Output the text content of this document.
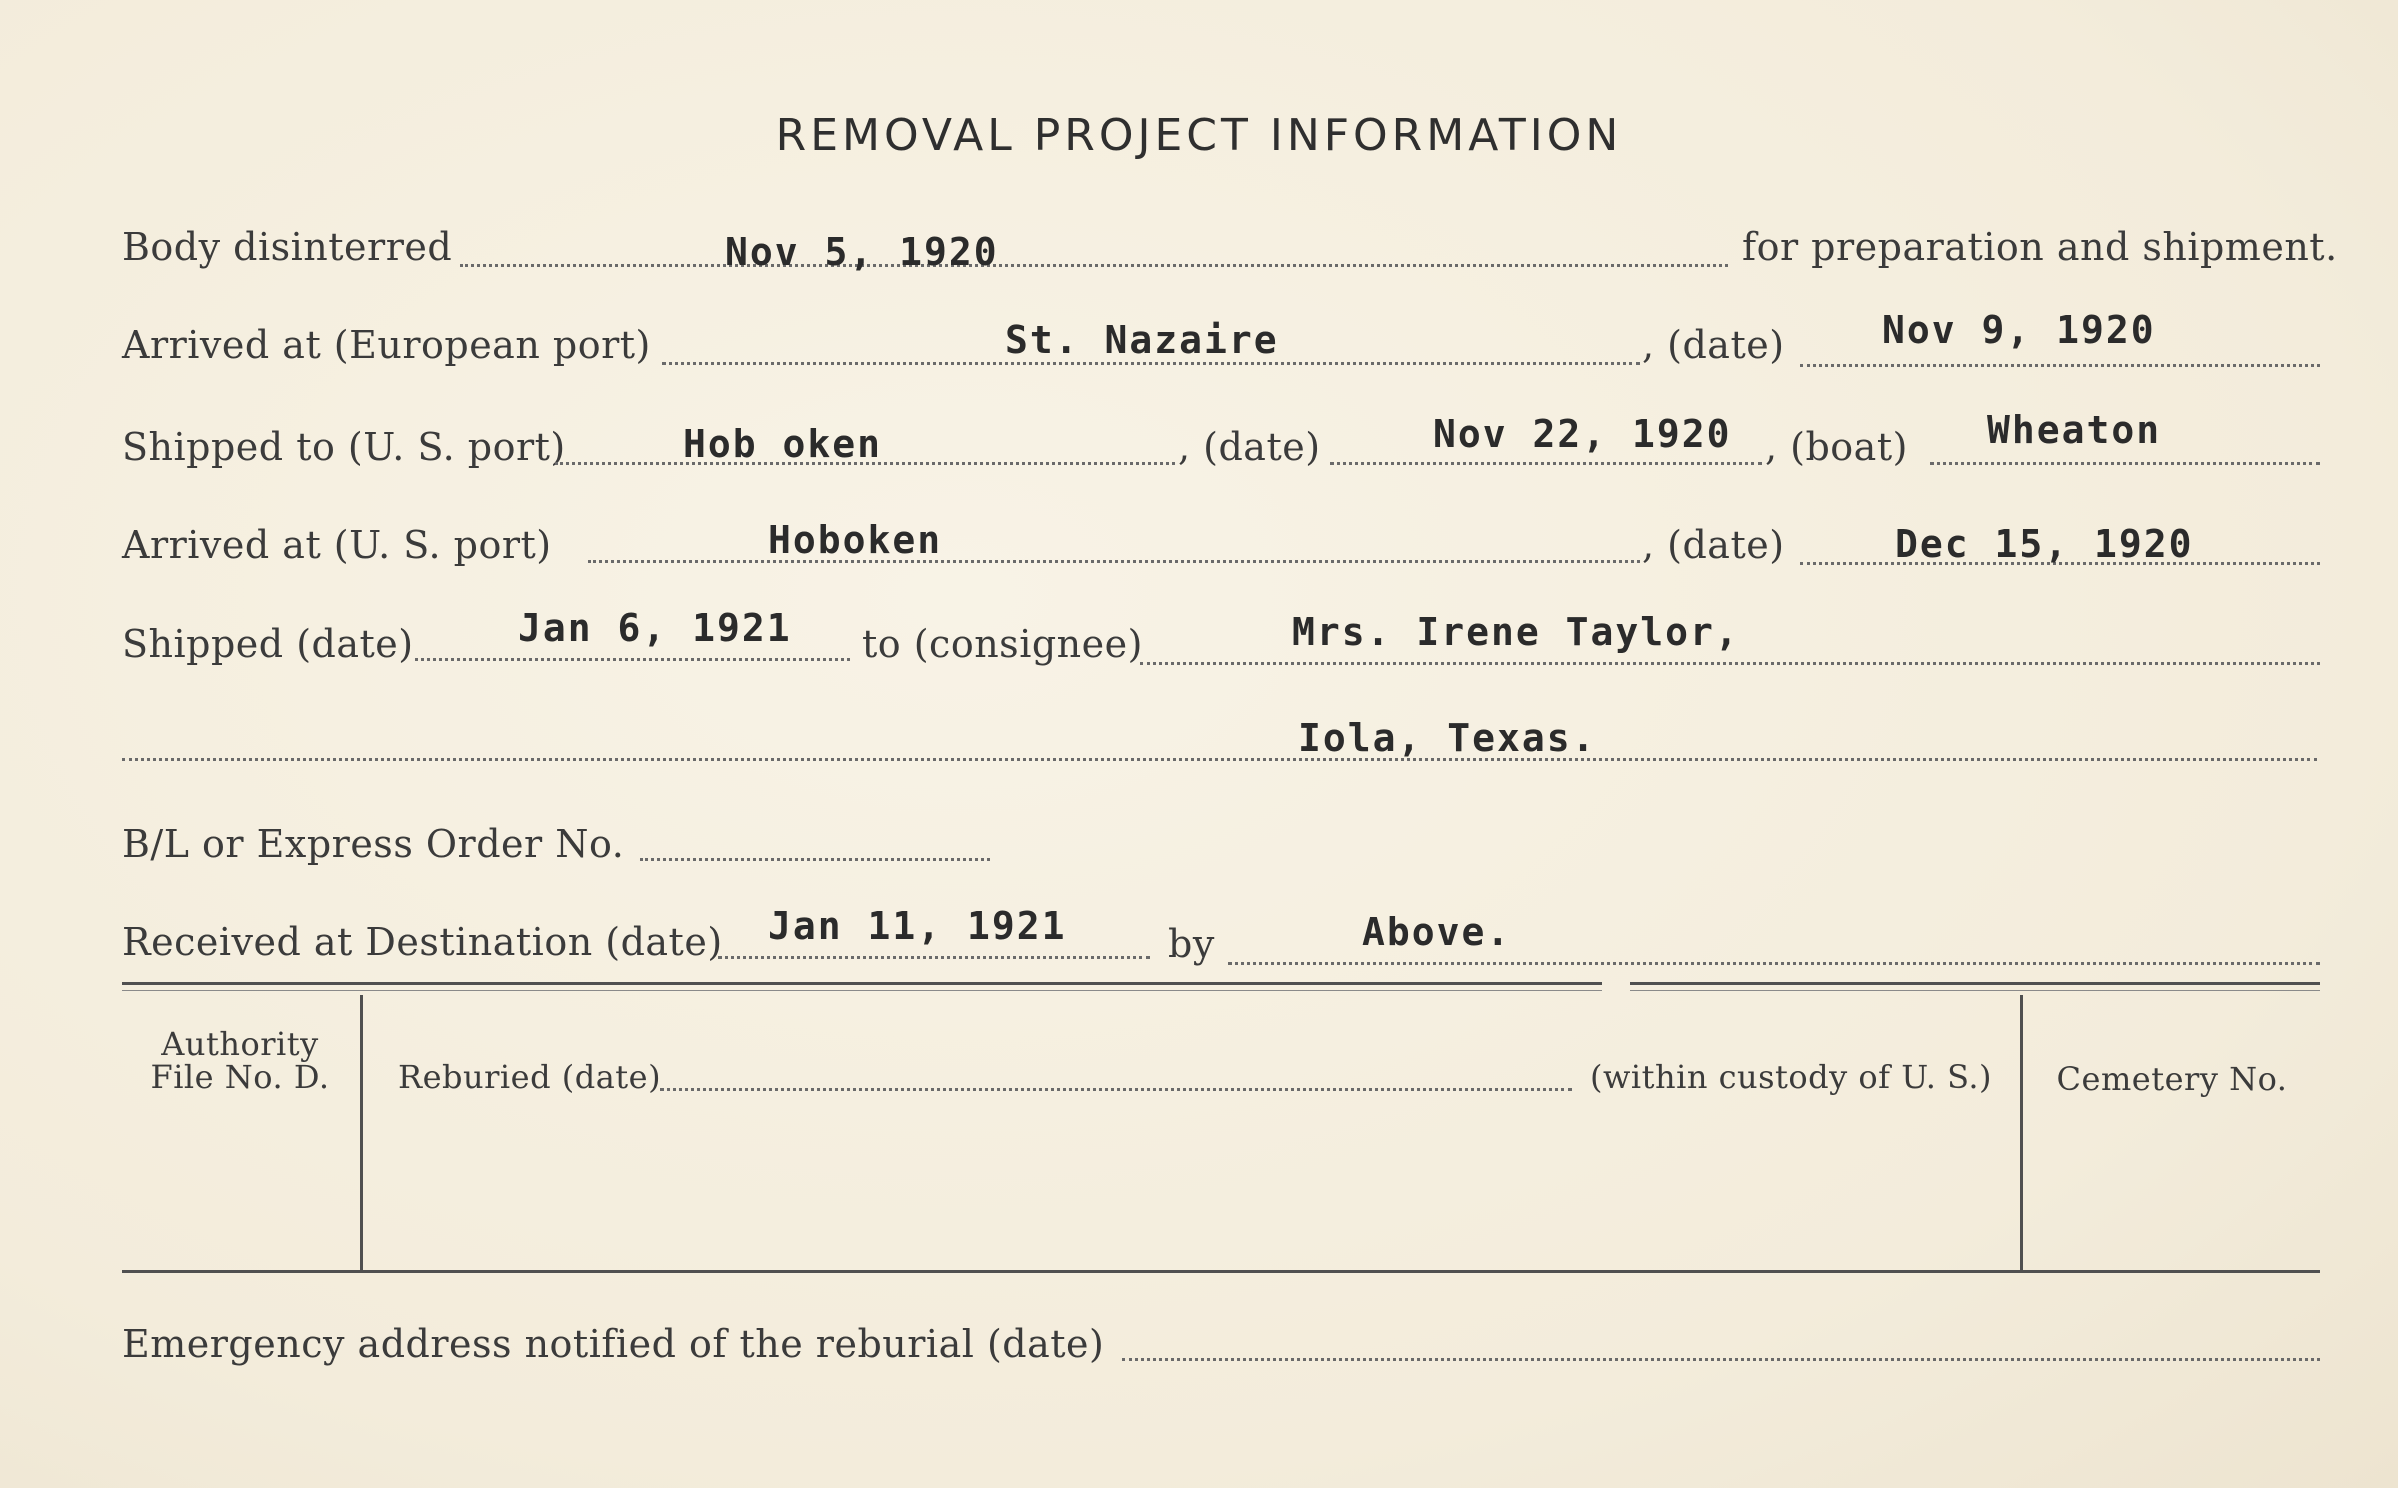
REMOVAL PROJECT INFORMATION
Body disinterred	Nov 5, 1920	for preparation and shipment.
Arrived at (European port)	St. Nazaire	, (date)	Nov 9, 1920
Shipped to (U. S. port)	Hob oken	, (date)	Nov 22, 1920 , (boat) Wheaton
Arrived at (U. S. port)	Hoboken	, (date)	Dec 15, 1920
Shipped (date)	Jan 6, 1921 to (consignee)	Mrs. Irene Taylor,
Iola, Texas.
B/L or Express Order No.
Received at Destination (date) Jan 11, 1921	by	Above.
Authority
File No. D.	Reburied (date)	(within custody of U. S.)	Cemetery No.
Emergency address notified of the reburial (date)
